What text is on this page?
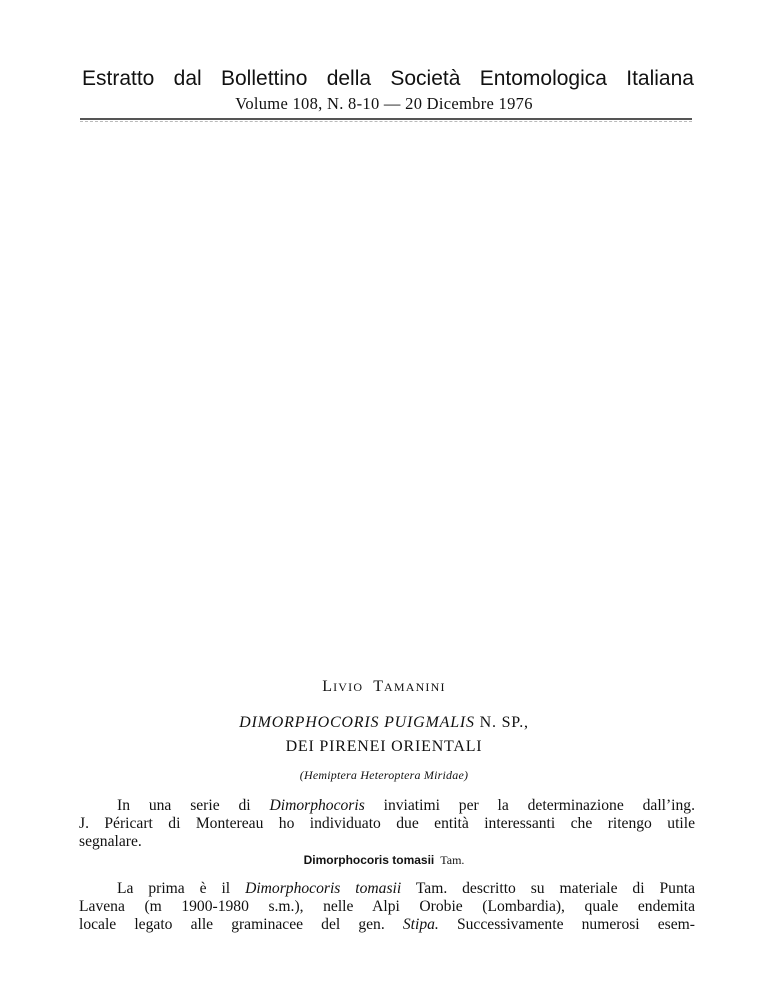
Estratto dal Bollettino della Società Entomologica Italiana
Volume 108, N. 8-10 — 20 Dicembre 1976
LIVIO TAMANINI
DIMORPHOCORIS PUIGMALIS N. SP.,
DEI PIRENEI ORIENTALI
(Hemiptera Heteroptera Miridae)
In una serie di Dimorphocoris inviatimi per la determinazione dall’ing.
J. Péricart di Montereau ho individuato due entità interessanti che ritengo utile
segnalare.
Dimorphocoris tomasii Tam.
La prima è il Dimorphocoris tomasii Tam. descritto su materiale di Punta
Lavena (m 1900-1980 s.m.), nelle Alpi Orobie (Lombardia), quale endemita
locale legato alle graminacee del gen. Stipa. Successivamente numerosi esem-
